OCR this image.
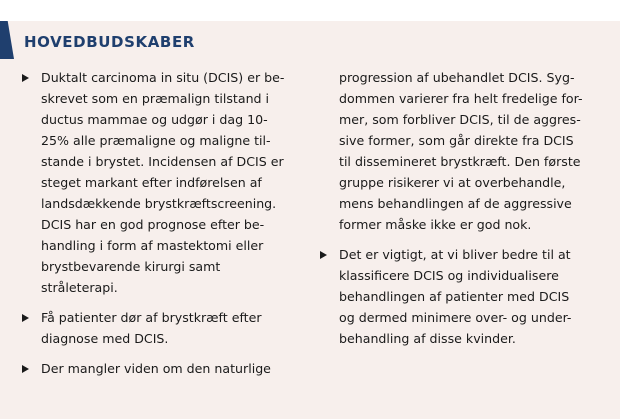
HOVEDBUDSKABER
Duktalt carcinoma in situ (DCIS) er be-
skrevet som en præmalign tilstand i
ductus mammae og udgør i dag 10-
25% alle præmaligne og maligne til-
stande i brystet. Incidensen af DCIS er
steget markant efter indførelsen af
landsdækkende brystkræftscreening.
DCIS har en god prognose efter be-
handling i form af mastektomi eller
brystbevarende kirurgi samt
stråleterapi.
Få patienter dør af brystkræft efter
diagnose med DCIS.
Der mangler viden om den naturlige
progression af ubehandlet DCIS. Syg-
dommen varierer fra helt fredelige for-
mer, som forbliver DCIS, til de aggres-
sive former, som går direkte fra DCIS
til dissemineret brystkræft. Den første
gruppe risikerer vi at overbehandle,
mens behandlingen af de aggressive
former måske ikke er god nok.
Det er vigtigt, at vi bliver bedre til at
klassificere DCIS og individualisere
behandlingen af patienter med DCIS
og dermed minimere over- og under-
behandling af disse kvinder.
